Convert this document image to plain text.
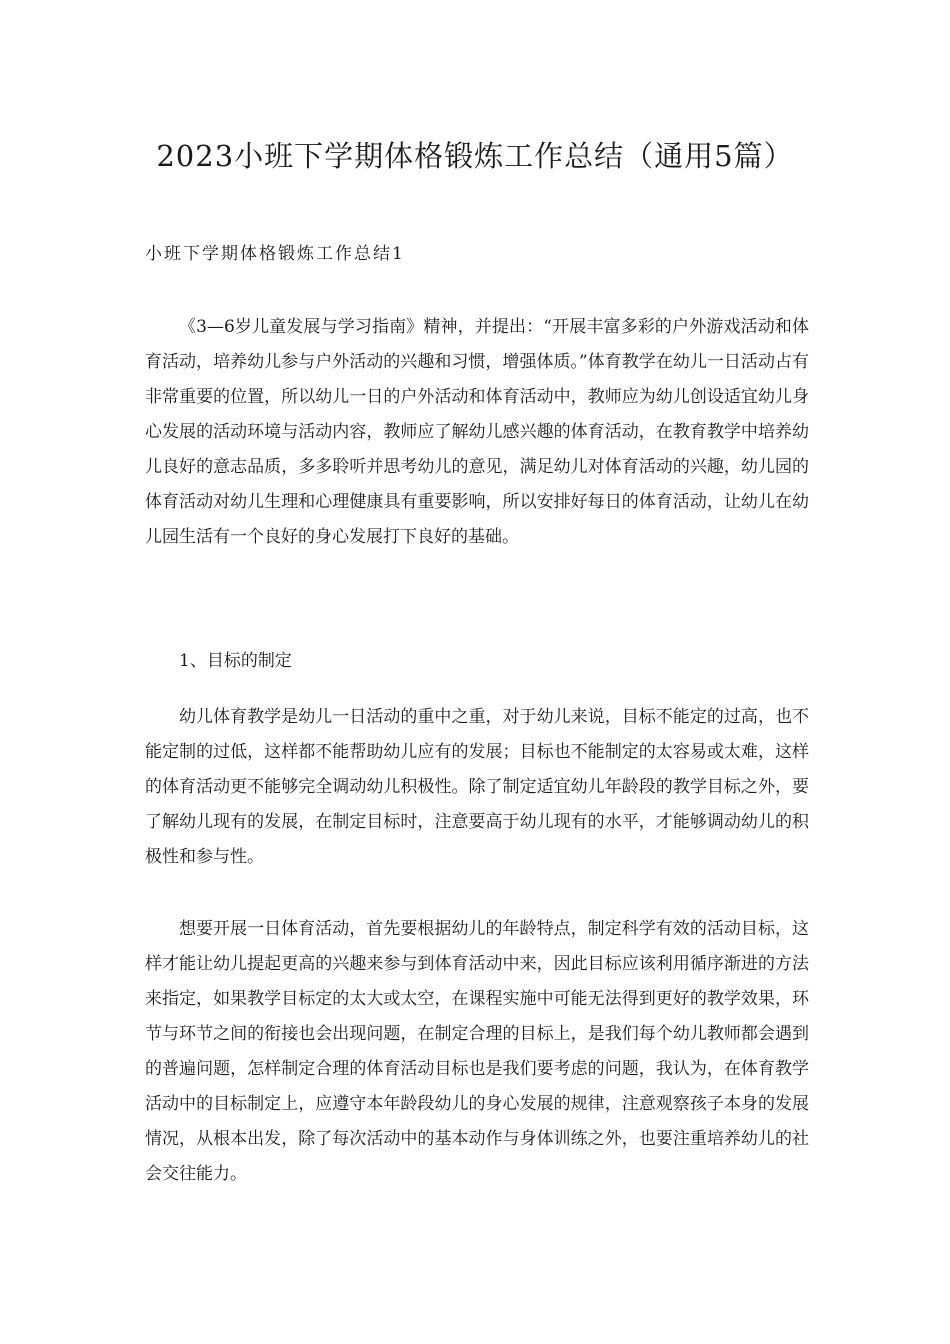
2023小班下学期体格锻炼工作总结（通用5篇）
小班下学期体格锻炼工作总结1

《3—6岁儿童发展与学习指南》精神，并提出：“开展丰富多彩的户外游戏活动和体育活动，培养幼儿参与户外活动的兴趣和习惯，增强体质。”体育教学在幼儿一日活动占有非常重要的位置，所以幼儿一日的户外活动和体育活动中，教师应为幼儿创设适宜幼儿身心发展的活动环境与活动内容，教师应了解幼儿感兴趣的体育活动，在教育教学中培养幼儿良好的意志品质，多多聆听并思考幼儿的意见，满足幼儿对体育活动的兴趣，幼儿园的体育活动对幼儿生理和心理健康具有重要影响，所以安排好每日的体育活动，让幼儿在幼儿园生活有一个良好的身心发展打下良好的基础。

1、目标的制定

幼儿体育教学是幼儿一日活动的重中之重，对于幼儿来说，目标不能定的过高，也不能定制的过低，这样都不能帮助幼儿应有的发展；目标也不能制定的太容易或太难，这样的体育活动更不能够完全调动幼儿积极性。除了制定适宜幼儿年龄段的教学目标之外，要了解幼儿现有的发展，在制定目标时，注意要高于幼儿现有的水平，才能够调动幼儿的积极性和参与性。

想要开展一日体育活动，首先要根据幼儿的年龄特点，制定科学有效的活动目标，这样才能让幼儿提起更高的兴趣来参与到体育活动中来，因此目标应该利用循序渐进的方法来指定，如果教学目标定的太大或太空，在课程实施中可能无法得到更好的教学效果，环节与环节之间的衔接也会出现问题，在制定合理的目标上，是我们每个幼儿教师都会遇到的普遍问题，怎样制定合理的体育活动目标也是我们要考虑的问题，我认为，在体育教学活动中的目标制定上，应遵守本年龄段幼儿的身心发展的规律，注意观察孩子本身的发展情况，从根本出发，除了每次活动中的基本动作与身体训练之外，也要注重培养幼儿的社会交往能力。
